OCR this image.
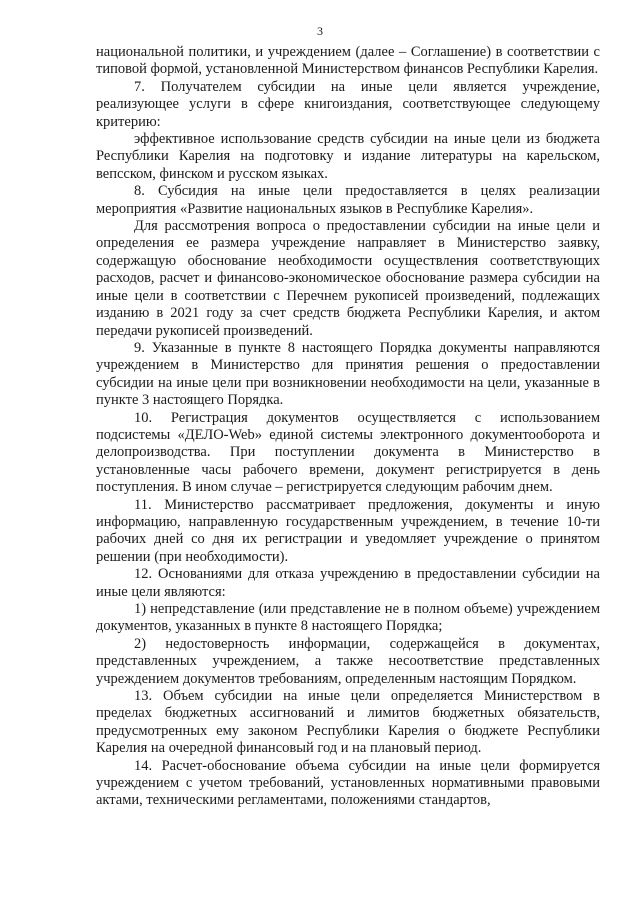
3

национальной политики, и учреждением (далее – Соглашение) в соответствии с типовой формой, установленной Министерством финансов Республики Карелия.

7. Получателем субсидии на иные цели является учреждение, реализующее услуги в сфере книгоиздания, соответствующее следующему критерию:

эффективное использование средств субсидии на иные цели из бюджета Республики Карелия на подготовку и издание литературы на карельском, вепсском, финском и русском языках.

8. Субсидия на иные цели предоставляется в целях реализации мероприятия «Развитие национальных языков в Республике Карелия».

Для рассмотрения вопроса о предоставлении субсидии на иные цели и определения ее размера учреждение направляет в Министерство заявку, содержащую обоснование необходимости осуществления соответствующих расходов, расчет и финансово-экономическое обоснование размера субсидии на иные цели в соответствии с Перечнем рукописей произведений, подлежащих изданию в 2021 году за счет средств бюджета Республики Карелия, и актом передачи рукописей произведений.

9. Указанные в пункте 8 настоящего Порядка документы направляются учреждением в Министерство для принятия решения о предоставлении субсидии на иные цели при возникновении необходимости на цели, указанные в пункте 3 настоящего Порядка.

10. Регистрация документов осуществляется с использованием подсистемы «ДЕЛО-Web» единой системы электронного документооборота и делопроизводства. При поступлении документа в Министерство в установленные часы рабочего времени, документ регистрируется в день поступления. В ином случае – регистрируется следующим рабочим днем.

11. Министерство рассматривает предложения, документы и иную информацию, направленную государственным учреждением, в течение 10-ти рабочих дней со дня их регистрации и уведомляет учреждение о принятом решении (при необходимости).

12. Основаниями для отказа учреждению в предоставлении субсидии на иные цели являются:

1) непредставление (или представление не в полном объеме) учреждением документов, указанных в пункте 8 настоящего Порядка;

2) недостоверность информации, содержащейся в документах, представленных учреждением, а также несоответствие представленных учреждением документов требованиям, определенным настоящим Порядком.

13. Объем субсидии на иные цели определяется Министерством в пределах бюджетных ассигнований и лимитов бюджетных обязательств, предусмотренных ему законом Республики Карелия о бюджете Республики Карелия на очередной финансовый год и на плановый период.

14. Расчет-обоснование объема субсидии на иные цели формируется учреждением с учетом требований, установленных нормативными правовыми актами, техническими регламентами, положениями стандартов,
